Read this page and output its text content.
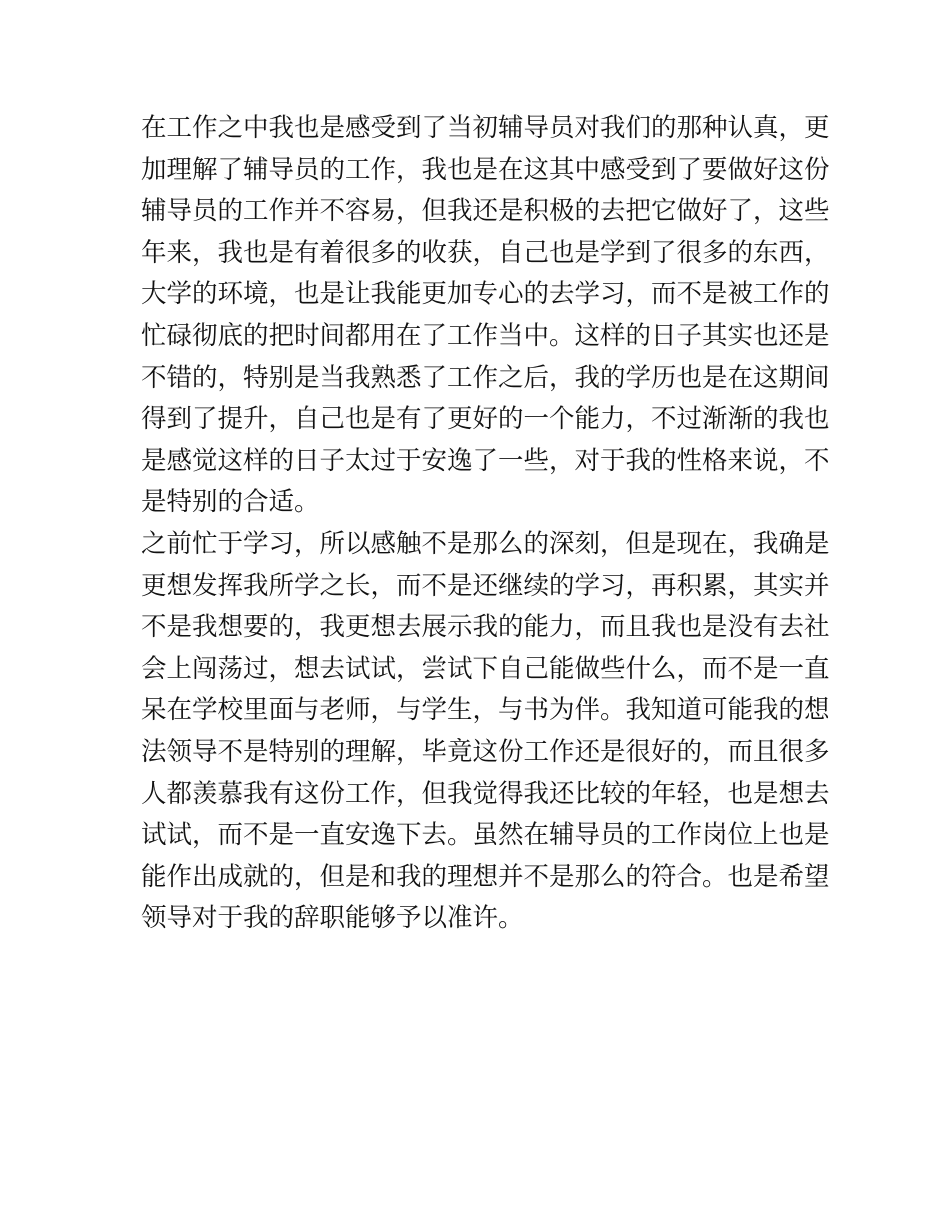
在工作之中我也是感受到了当初辅导员对我们的那种认真，更
加理解了辅导员的工作，我也是在这其中感受到了要做好这份
辅导员的工作并不容易，但我还是积极的去把它做好了，这些
年来，我也是有着很多的收获，自己也是学到了很多的东西，
大学的环境，也是让我能更加专心的去学习，而不是被工作的
忙碌彻底的把时间都用在了工作当中。这样的日子其实也还是
不错的，特别是当我熟悉了工作之后，我的学历也是在这期间
得到了提升，自己也是有了更好的一个能力，不过渐渐的我也
是感觉这样的日子太过于安逸了一些，对于我的性格来说，不
是特别的合适。
之前忙于学习，所以感触不是那么的深刻，但是现在，我确是
更想发挥我所学之长，而不是还继续的学习，再积累，其实并
不是我想要的，我更想去展示我的能力，而且我也是没有去社
会上闯荡过，想去试试，尝试下自己能做些什么，而不是一直
呆在学校里面与老师，与学生，与书为伴。我知道可能我的想
法领导不是特别的理解，毕竟这份工作还是很好的，而且很多
人都羡慕我有这份工作，但我觉得我还比较的年轻，也是想去
试试，而不是一直安逸下去。虽然在辅导员的工作岗位上也是
能作出成就的，但是和我的理想并不是那么的符合。也是希望
领导对于我的辞职能够予以准许。
